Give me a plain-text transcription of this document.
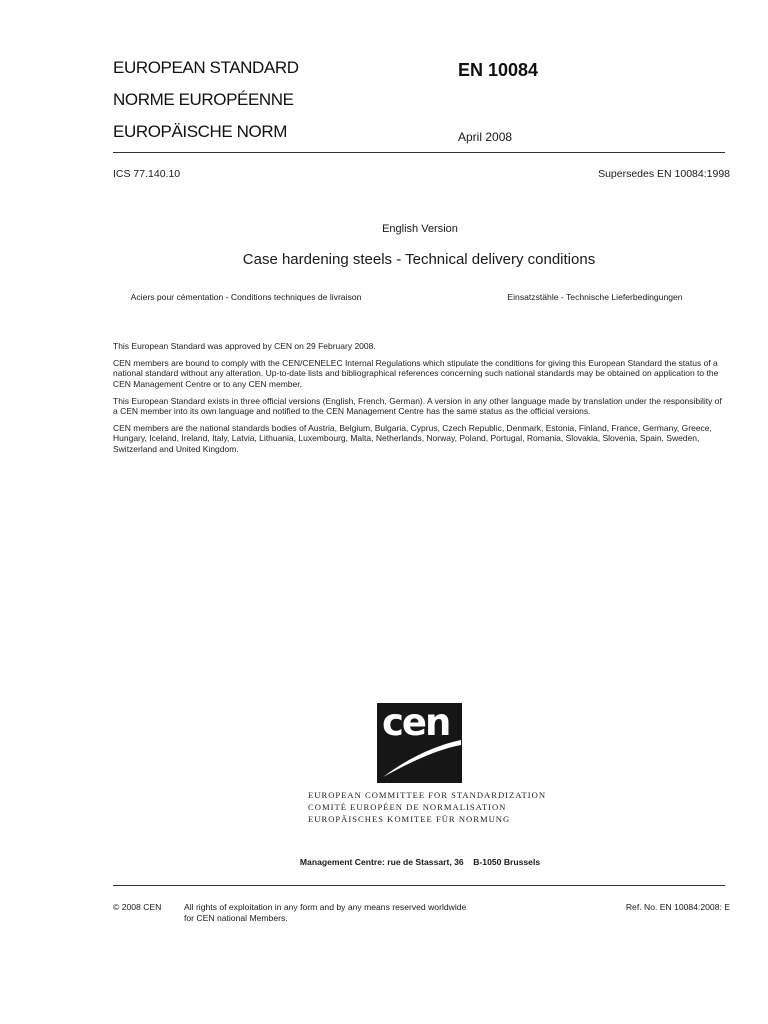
EUROPEAN STANDARD
NORME EUROPÉENNE
EUROPÄISCHE NORM
EN 10084
April 2008
ICS 77.140.10	Supersedes EN 10084:1998
English Version
Case hardening steels - Technical delivery conditions
Aciers pour cémentation - Conditions techniques de livraison	Einsatzstähle - Technische Lieferbedingungen

This European Standard was approved by CEN on 29 February 2008.

CEN members are bound to comply with the CEN/CENELEC Internal Regulations which stipulate the conditions for giving this European Standard the status of a national standard without any alteration. Up-to-date lists and bibliographical references concerning such national standards may be obtained on application to the CEN Management Centre or to any CEN member.

This European Standard exists in three official versions (English, French, German). A version in any other language made by translation under the responsibility of a CEN member into its own language and notified to the CEN Management Centre has the same status as the official versions.

CEN members are the national standards bodies of Austria, Belgium, Bulgaria, Cyprus, Czech Republic, Denmark, Estonia, Finland, France, Germany, Greece, Hungary, Iceland, Ireland, Italy, Latvia, Lithuania, Luxembourg, Malta, Netherlands, Norway, Poland, Portugal, Romania, Slovakia, Slovenia, Spain, Sweden, Switzerland and United Kingdom.

cen
EUROPEAN COMMITTEE FOR STANDARDIZATION
COMITÉ EUROPÉEN DE NORMALISATION
EUROPÄISCHES KOMITEE FÜR NORMUNG
Management Centre: rue de Stassart, 36    B-1050 Brussels
© 2008 CEN	All rights of exploitation in any form and by any means reserved worldwide for CEN national Members.
Ref. No. EN 10084:2008: E
